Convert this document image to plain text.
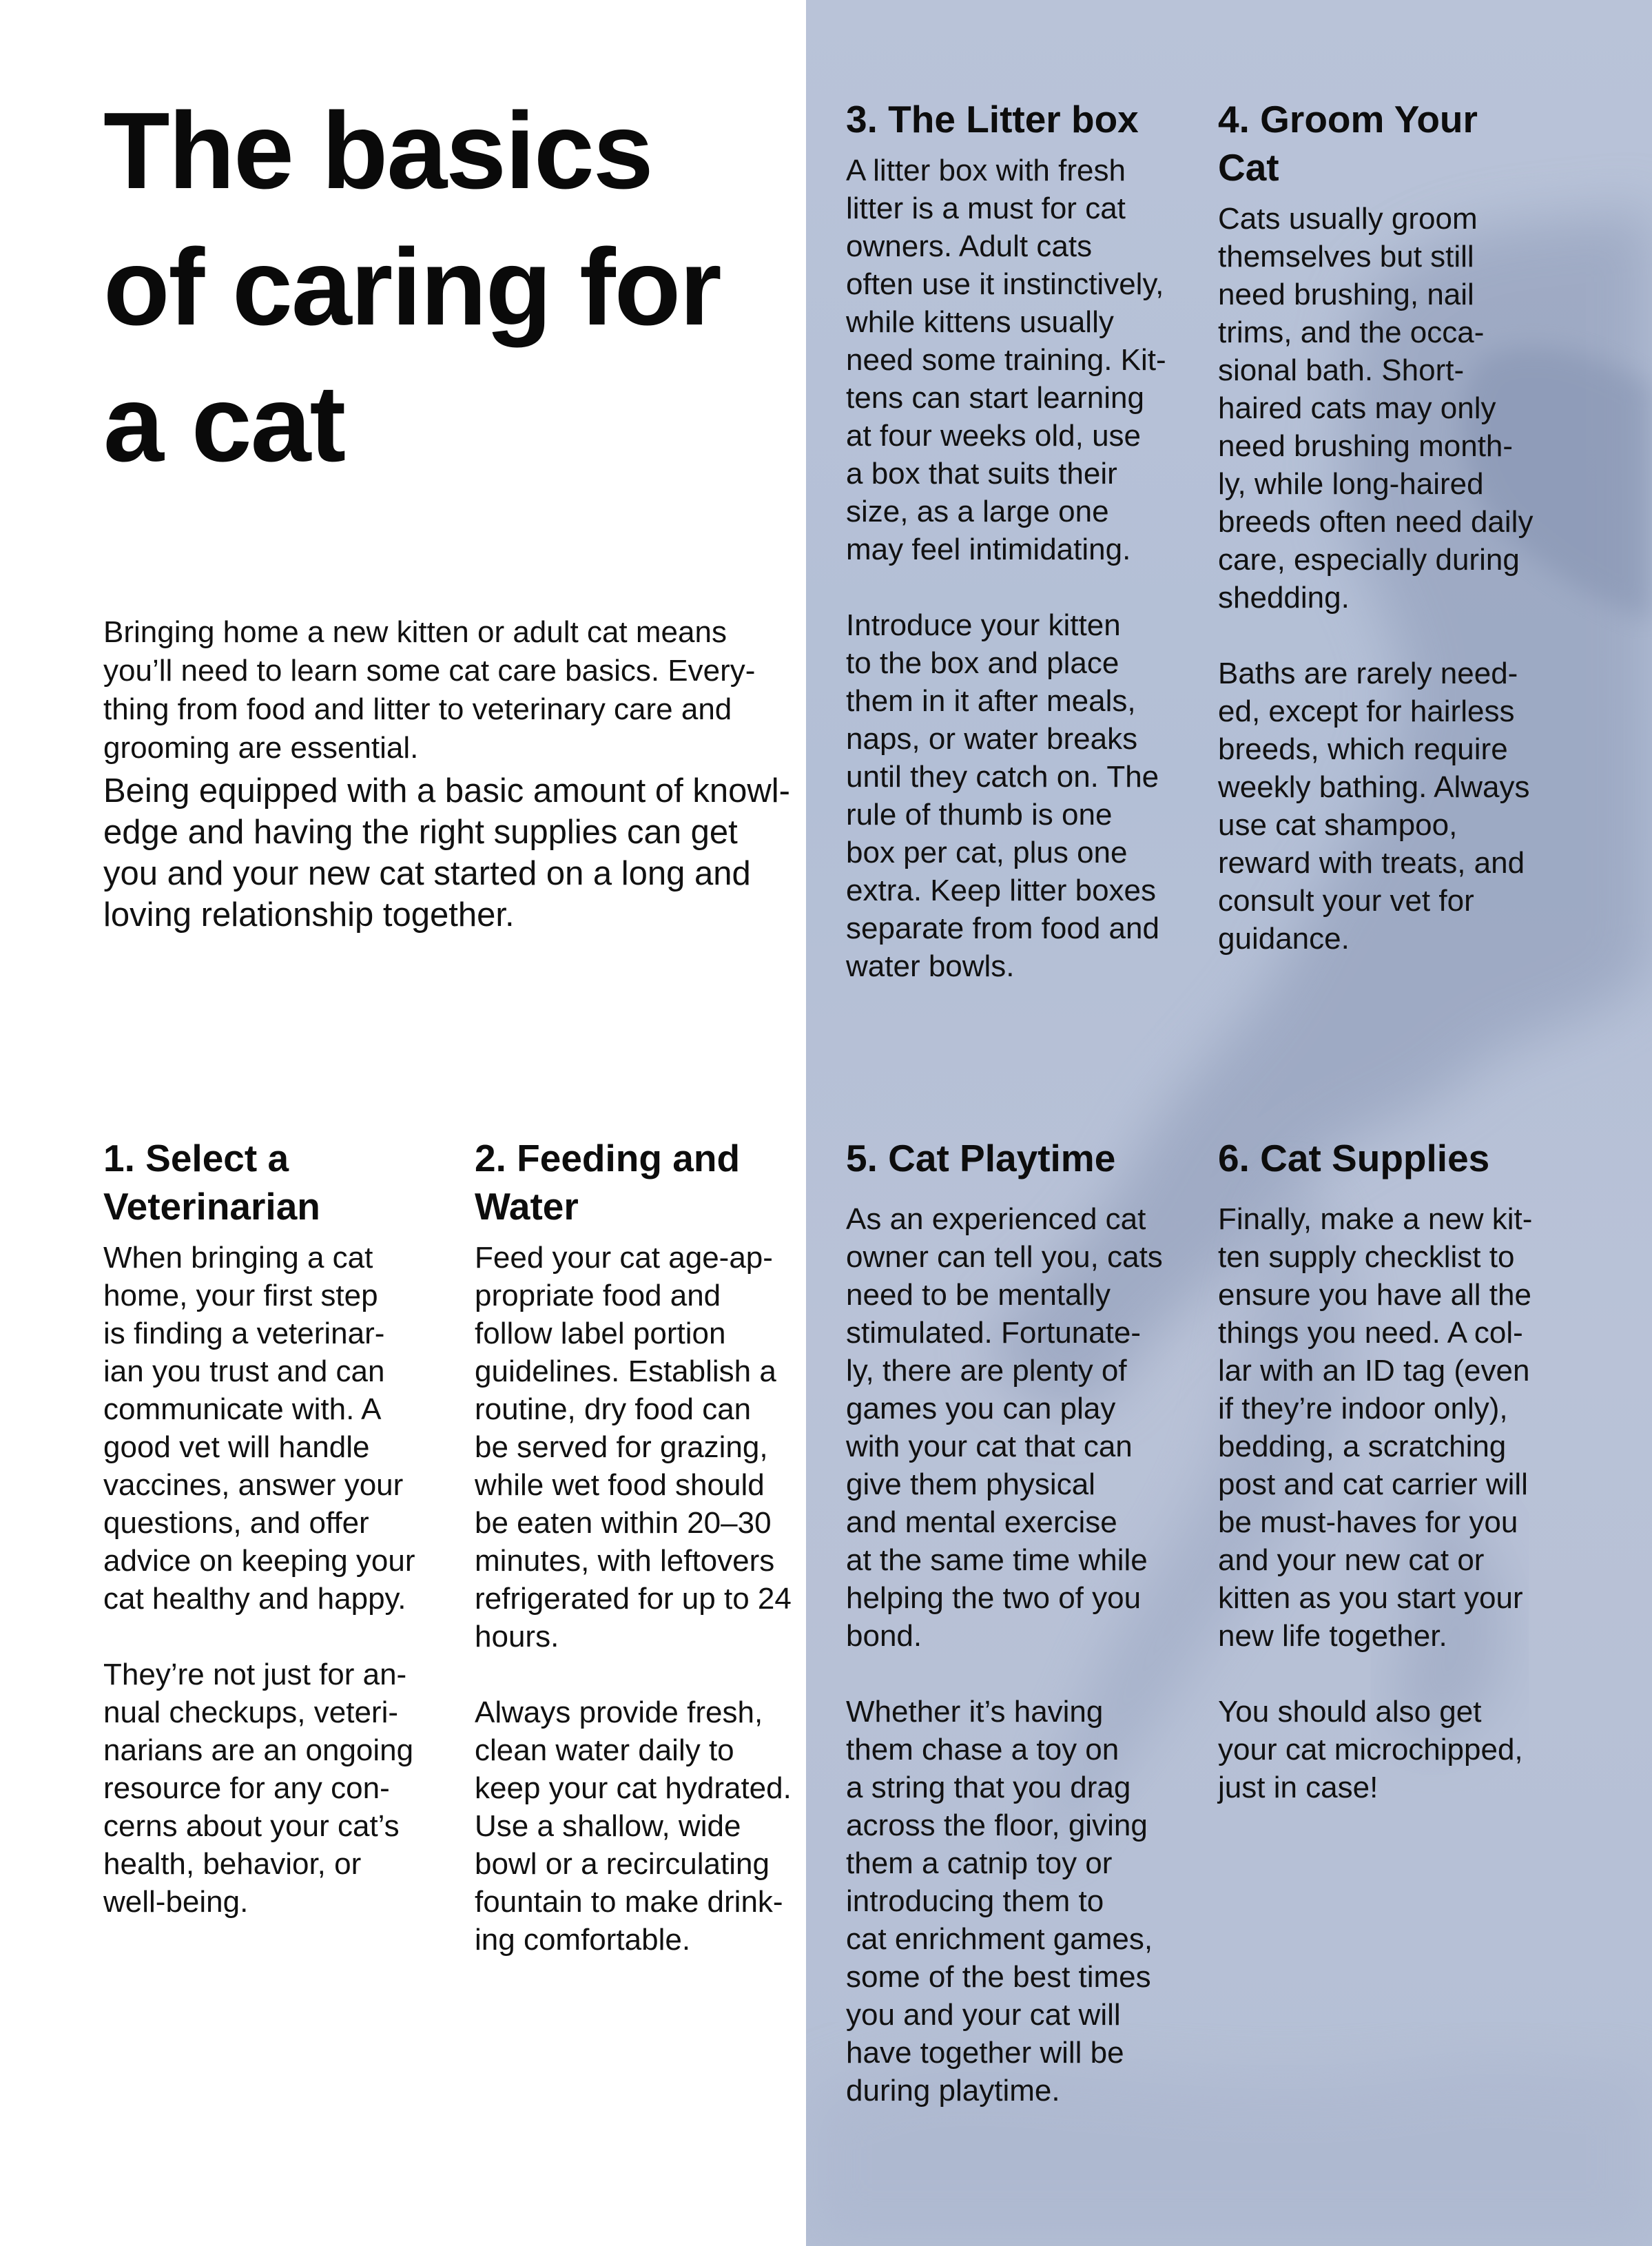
The basics
of caring for
a cat

Bringing home a new kitten or adult cat means
you’ll need to learn some cat care basics. Every-
thing from food and litter to veterinary care and
grooming are essential.

Being equipped with a basic amount of knowl-
edge and having the right supplies can get
you and your new cat started on a long and
loving relationship together.

3. The Litter box

A litter box with fresh
litter is a must for cat
owners. Adult cats
often use it instinctively,
while kittens usually
need some training. Kit-
tens can start learning
at four weeks old, use
a box that suits their
size, as a large one
may feel intimidating.

Introduce your kitten
to the box and place
them in it after meals,
naps, or water breaks
until they catch on. The
rule of thumb is one
box per cat, plus one
extra. Keep litter boxes
separate from food and
water bowls.

4. Groom Your
Cat

Cats usually groom
themselves but still
need brushing, nail
trims, and the occa-
sional bath. Short-
haired cats may only
need brushing month-
ly, while long-haired
breeds often need daily
care, especially during
shedding.

Baths are rarely need-
ed, except for hairless
breeds, which require
weekly bathing. Always
use cat shampoo,
reward with treats, and
consult your vet for
guidance.

1. Select a
Veterinarian

When bringing a cat
home, your first step
is finding a veterinar-
ian you trust and can
communicate with. A
good vet will handle
vaccines, answer your
questions, and offer
advice on keeping your
cat healthy and happy.

They’re not just for an-
nual checkups, veteri-
narians are an ongoing
resource for any con-
cerns about your cat’s
health, behavior, or
well-being.

2. Feeding and
Water

Feed your cat age-ap-
propriate food and
follow label portion
guidelines. Establish a
routine, dry food can
be served for grazing,
while wet food should
be eaten within 20–30
minutes, with leftovers
refrigerated for up to 24
hours.

Always provide fresh,
clean water daily to
keep your cat hydrated.
Use a shallow, wide
bowl or a recirculating
fountain to make drink-
ing comfortable.

5. Cat Playtime

As an experienced cat
owner can tell you, cats
need to be mentally
stimulated. Fortunate-
ly, there are plenty of
games you can play
with your cat that can
give them physical
and mental exercise
at the same time while
helping the two of you
bond.

Whether it’s having
them chase a toy on
a string that you drag
across the floor, giving
them a catnip toy or
introducing them to
cat enrichment games,
some of the best times
you and your cat will
have together will be
during playtime.

6. Cat Supplies

Finally, make a new kit-
ten supply checklist to
ensure you have all the
things you need. A col-
lar with an ID tag (even
if they’re indoor only),
bedding, a scratching
post and cat carrier will
be must-haves for you
and your new cat or
kitten as you start your
new life together.

You should also get
your cat microchipped,
just in case!
